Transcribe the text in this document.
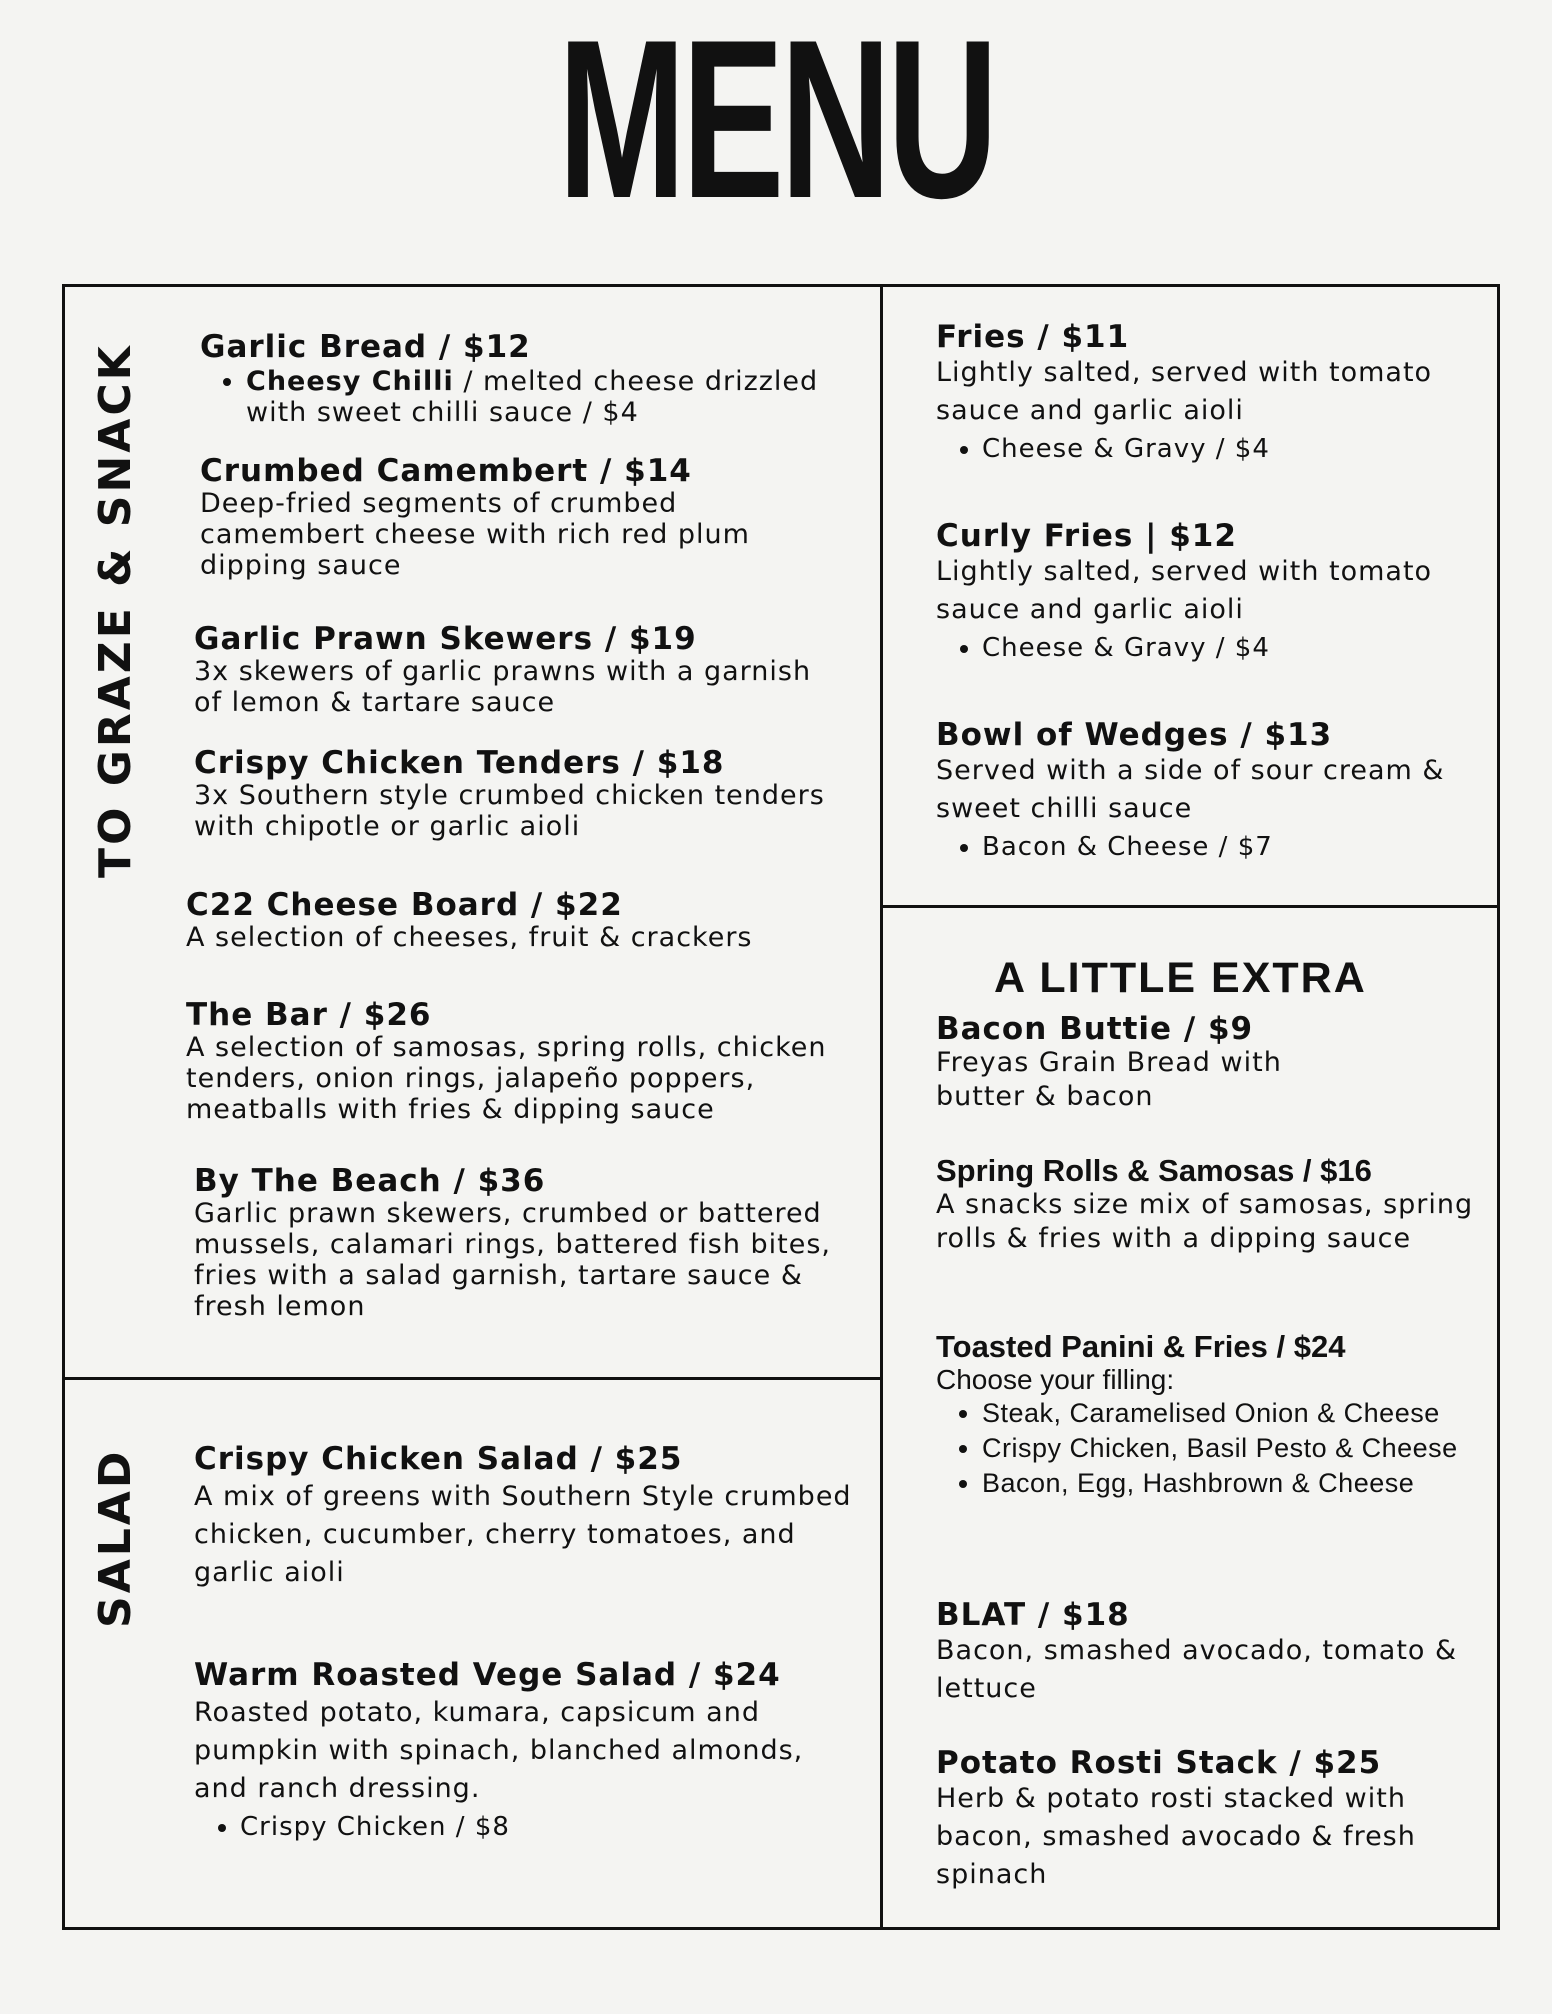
MENU
TO GRAZE & SNACK Garlic Bread / $12
• Cheesy Chilli / melted cheese drizzled with sweet chilli sauce / $4
Crumbed Camembert / $14
Deep-fried segments of crumbed camembert cheese with rich red plum dipping sauce
Garlic Prawn Skewers / $19
3x skewers of garlic prawns with a garnish of lemon & tartare sauce
Crispy Chicken Tenders / $18
3x Southern style crumbed chicken tenders with chipotle or garlic aioli
C22 Cheese Board / $22
A selection of cheeses, fruit & crackers
The Bar / $26
A selection of samosas, spring rolls, chicken tenders, onion rings, jalapeño poppers, meatballs with fries & dipping sauce
By The Beach / $36
Garlic prawn skewers, crumbed or battered mussels, calamari rings, battered fish bites, fries with a salad garnish, tartare sauce & fresh lemon
SALAD Crispy Chicken Salad / $25
A mix of greens with Southern Style crumbed chicken, cucumber, cherry tomatoes, and garlic aioli
Warm Roasted Vege Salad / $24
Roasted potato, kumara, capsicum and pumpkin with spinach, blanched almonds, and ranch dressing.
• Crispy Chicken / $8
Fries / $11
Lightly salted, served with tomato sauce and garlic aioli
• Cheese & Gravy / $4
Curly Fries | $12
Lightly salted, served with tomato sauce and garlic aioli
• Cheese & Gravy / $4
Bowl of Wedges / $13
Served with a side of sour cream & sweet chilli sauce
• Bacon & Cheese / $7
A LITTLE EXTRA
Bacon Buttie / $9
Freyas Grain Bread with butter & bacon
Spring Rolls & Samosas / $16
A snacks size mix of samosas, spring rolls & fries with a dipping sauce
Toasted Panini & Fries / $24
Choose your filling:
• Steak, Caramelised Onion & Cheese
• Crispy Chicken, Basil Pesto & Cheese
• Bacon, Egg, Hashbrown & Cheese
BLAT / $18
Bacon, smashed avocado, tomato & lettuce
Potato Rosti Stack / $25
Herb & potato rosti stacked with bacon, smashed avocado & fresh spinach
